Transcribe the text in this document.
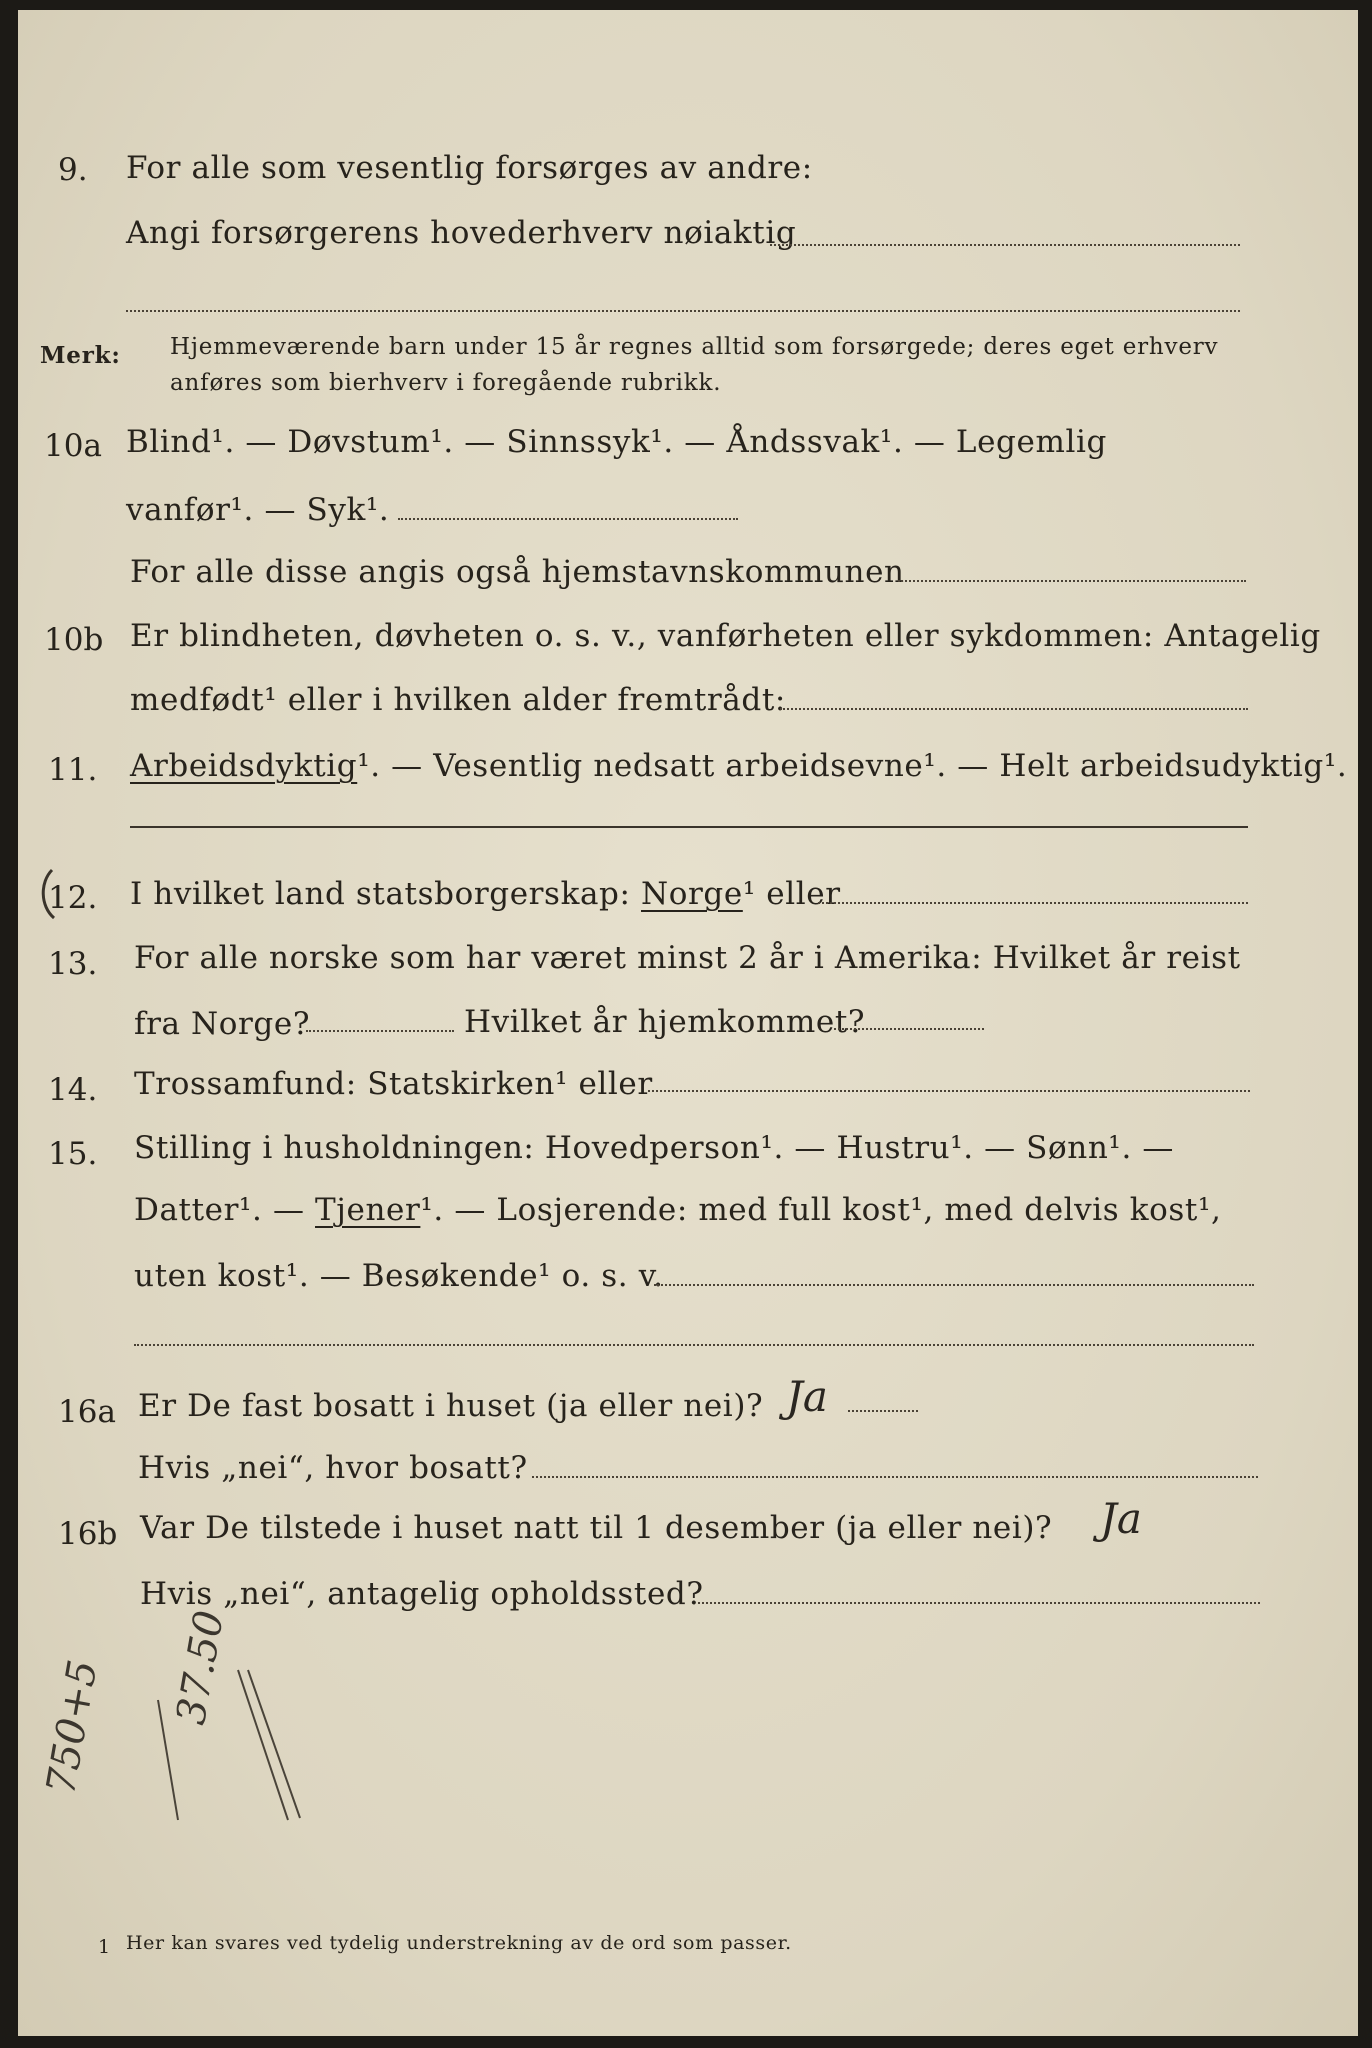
9. For alle som vesentlig forsørges av andre:
Angi forsørgerens hovederhverv nøiaktig
Merk: Hjemmeværende barn under 15 år regnes alltid som forsørgede; deres eget erhverv
anføres som bierhverv i foregående rubrikk.
10a Blind¹. — Døvstum¹. — Sinnssyk¹. — Åndssvak¹. — Legemlig
vanfør¹. — Syk¹.
For alle disse angis også hjemstavnskommunen
10b Er blindheten, døvheten o. s. v., vanførheten eller sykdommen: Antagelig
medfødt¹ eller i hvilken alder fremtrådt:
11. Arbeidsdyktig¹. — Vesentlig nedsatt arbeidsevne¹. — Helt arbeidsudyktig¹.
12. I hvilket land statsborgerskap: Norge¹ eller
13. For alle norske som har været minst 2 år i Amerika: Hvilket år reist
fra Norge?	Hvilket år hjemkommet?
14. Trossamfund: Statskirken¹ eller
15. Stilling i husholdningen: Hovedperson¹. — Hustru¹. — Sønn¹. —
Datter¹. — Tjener¹. — Losjerende: med full kost¹, med delvis kost¹,
uten kost¹. — Besøkende¹ o. s. v.
16a Er De fast bosatt i huset (ja eller nei)? Ja
Hvis „nei“, hvor bosatt?
16b Var De tilstede i huset natt til 1 desember (ja eller nei)? Ja
Hvis „nei“, antagelig opholdssted?
750+5 37.50
1 Her kan svares ved tydelig understrekning av de ord som passer.
